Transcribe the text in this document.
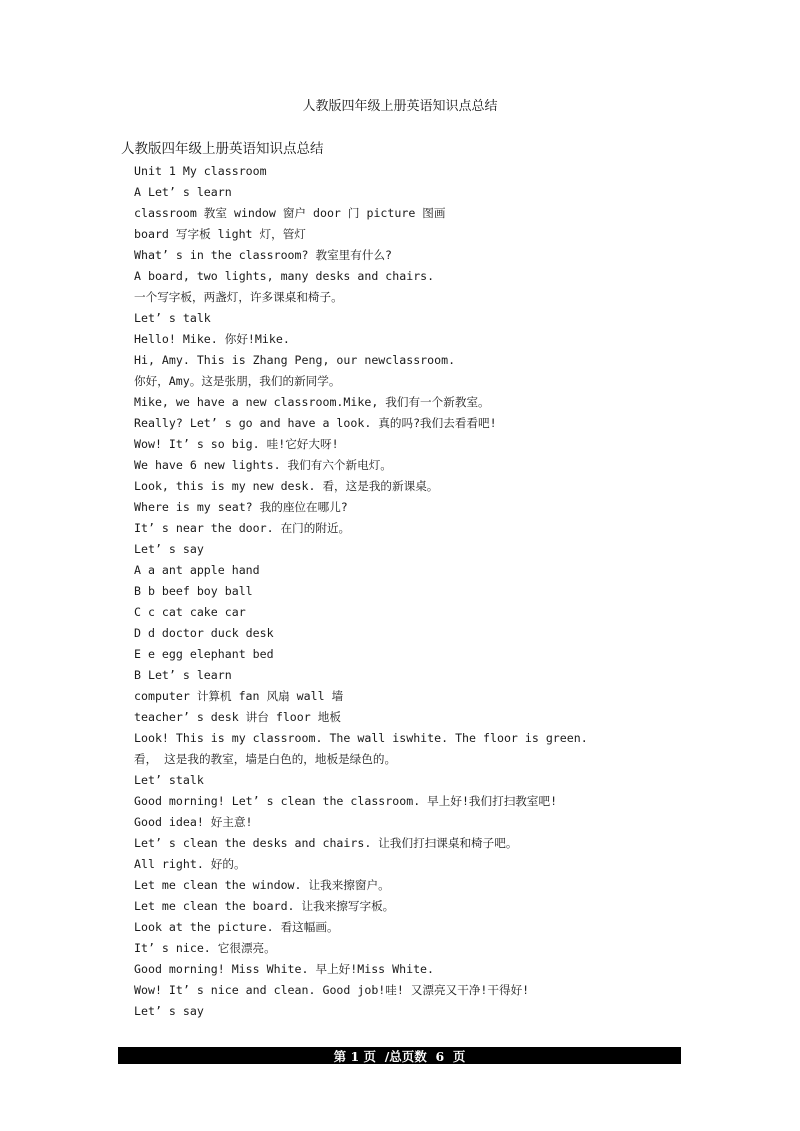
人教版四年级上册英语知识点总结
人教版四年级上册英语知识点总结
Unit 1 My classroom
A Let’ s learn
classroom 教室 window 窗户 door 门 picture 图画
board 写字板 light 灯，管灯
What’ s in the classroom? 教室里有什么?
A board, two lights, many desks and chairs.
一个写字板，两盏灯，许多课桌和椅子。
Let’ s talk
Hello! Mike. 你好!Mike.
Hi, Amy. This is Zhang Peng, our newclassroom.
你好，Amy。这是张朋，我们的新同学。
Mike, we have a new classroom.Mike, 我们有一个新教室。
Really? Let’ s go and have a look. 真的吗?我们去看看吧!
Wow! It’ s so big. 哇!它好大呀!
We have 6 new lights. 我们有六个新电灯。
Look, this is my new desk. 看，这是我的新课桌。
Where is my seat? 我的座位在哪儿?
It’ s near the door. 在门的附近。
Let’ s say
A a ant apple hand
B b beef boy ball
C c cat cake car
D d doctor duck desk
E e egg elephant bed
B Let’ s learn
computer 计算机 fan 风扇 wall 墙
teacher’ s desk 讲台 floor 地板
Look! This is my classroom. The wall iswhite. The floor is green.
看， 这是我的教室，墙是白色的，地板是绿色的。
Let’ stalk
Good morning! Let’ s clean the classroom. 早上好!我们打扫教室吧!
Good idea! 好主意!
Let’ s clean the desks and chairs. 让我们打扫课桌和椅子吧。
All right. 好的。
Let me clean the window. 让我来擦窗户。
Let me clean the board. 让我来擦写字板。
Look at the picture. 看这幅画。
It’ s nice. 它很漂亮。
Good morning! Miss White. 早上好!Miss White.
Wow! It’ s nice and clean. Good job!哇! 又漂亮又干净!干得好!
Let’ s say
第 1 页  /总页数  6  页
